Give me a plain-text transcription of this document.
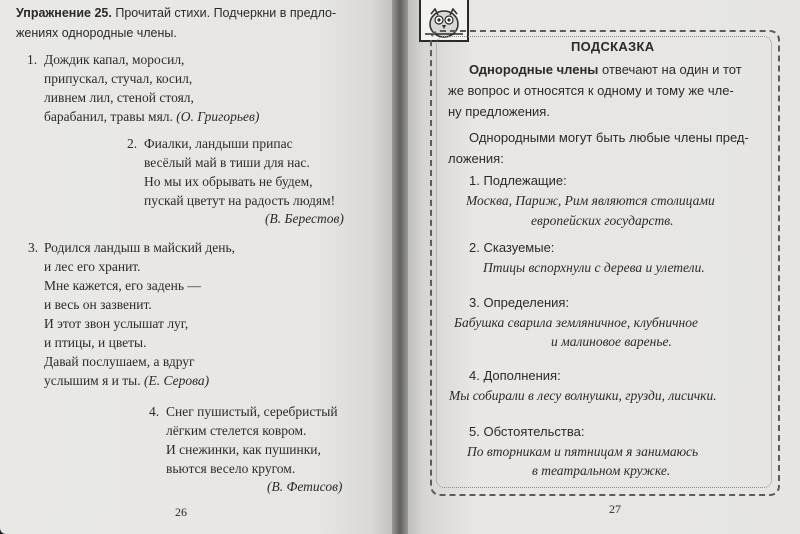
Упражнение 25. Прочитай стихи. Подчеркни в предло-
жениях однородные члены.
1. Дождик капал, моросил,
припускал, стучал, косил,
ливнем лил, стеной стоял,
барабанил, травы мял. (О. Григорьев)
2. Фиалки, ландыши припас
весёлый май в тиши для нас.
Но мы их обрывать не будем,
пускай цветут на радость людям!
(В. Берестов)
3. Родился ландыш в майский день,
и лес его хранит.
Мне кажется, его задень —
и весь он зазвенит.
И этот звон услышат луг,
и птицы, и цветы.
Давай послушаем, а вдруг
услышим я и ты. (Е. Серова)
4. Снег пушистый, серебристый
лёгким стелется ковром.
И снежинки, как пушинки,
вьются весело кругом.
(В. Фетисов)
26
ПОДСКАЗКА
Однородные члены отвечают на один и тот
же вопрос и относятся к одному и тому же чле-
ну предложения.
Однородными могут быть любые члены пред-
ложения:
1. Подлежащие:
Москва, Париж, Рим являются столицами
европейских государств.
2. Сказуемые:
Птицы вспорхнули с дерева и улетели.
3. Определения:
Бабушка сварила земляничное, клубничное
и малиновое варенье.
4. Дополнения:
Мы собирали в лесу волнушки, грузди, лисички.
5. Обстоятельства:
По вторникам и пятницам я занимаюсь
в театральном кружке.
27
